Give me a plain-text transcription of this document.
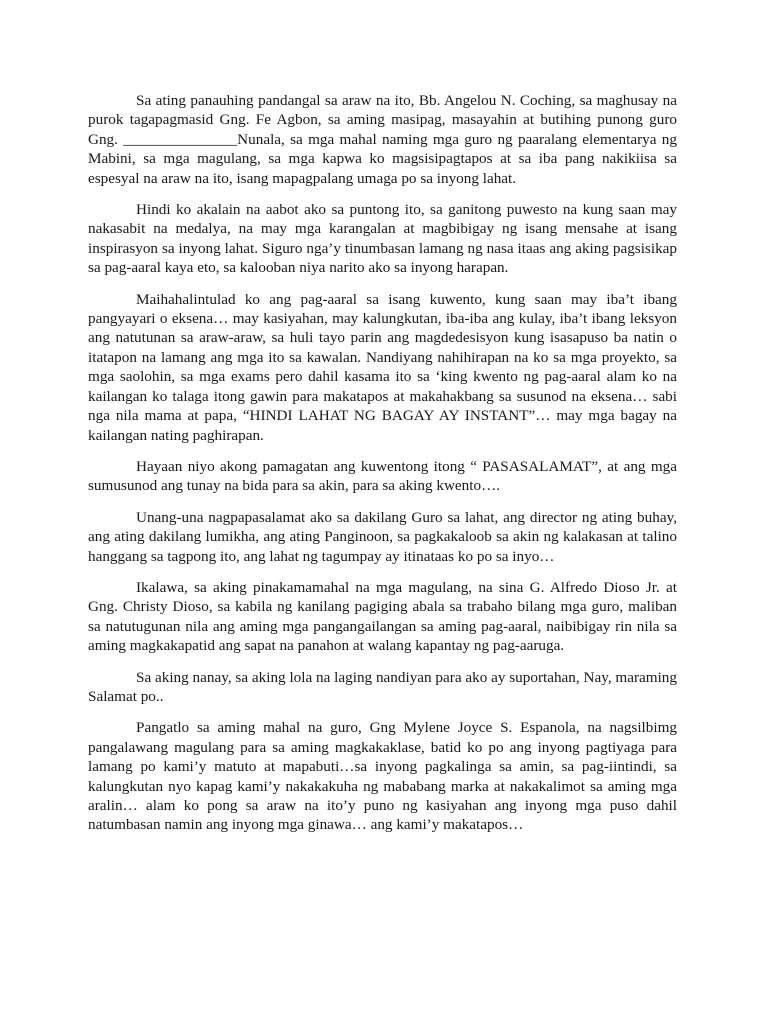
Sa ating panauhing pandangal sa araw na ito, Bb. Angelou N. Coching, sa maghusay na purok tagapagmasid Gng. Fe Agbon, sa aming masipag, masayahin at butihing punong guro Gng. _______________Nunala, sa mga mahal naming mga guro ng paaralang elementarya ng Mabini, sa mga magulang, sa mga kapwa ko magsisipagtapos at sa iba pang nakikiisa sa espesyal na araw na ito, isang mapagpalang umaga po sa inyong lahat.

Hindi ko akalain na aabot ako sa puntong ito, sa ganitong puwesto na kung saan may nakasabit na medalya, na may mga karangalan at magbibigay ng isang mensahe at isang inspirasyon sa inyong lahat. Siguro nga’y tinumbasan lamang ng nasa itaas ang aking pagsisikap sa pag-aaral kaya eto, sa kalooban niya narito ako sa inyong harapan.

Maihahalintulad ko ang pag-aaral sa isang kuwento, kung saan may iba’t ibang pangyayari o eksena… may kasiyahan, may kalungkutan, iba-iba ang kulay, iba’t ibang leksyon ang natutunan sa araw-araw, sa huli tayo parin ang magdedesisyon kung isasapuso ba natin o itatapon na lamang ang mga ito sa kawalan. Nandiyang nahihirapan na ko sa mga proyekto, sa mga saolohin, sa mga exams pero dahil kasama ito sa ‘king kwento ng pag-aaral alam ko na kailangan ko talaga itong gawin para makatapos at makahakbang sa susunod na eksena… sabi nga nila mama at papa, “HINDI LAHAT NG BAGAY AY INSTANT”… may mga bagay na kailangan nating paghirapan.

Hayaan niyo akong pamagatan ang kuwentong itong “ PASASALAMAT”, at ang mga sumusunod ang tunay na bida para sa akin, para sa aking kwento….

Unang-una nagpapasalamat ako sa dakilang Guro sa lahat, ang director ng ating buhay, ang ating dakilang lumikha, ang ating Panginoon, sa pagkakaloob sa akin ng kalakasan at talino hanggang sa tagpong ito, ang lahat ng tagumpay ay itinataas ko po sa inyo…

Ikalawa, sa aking pinakamamahal na mga magulang, na sina G. Alfredo Dioso Jr. at Gng. Christy Dioso, sa kabila ng kanilang pagiging abala sa trabaho bilang mga guro, maliban sa natutugunan nila ang aming mga pangangailangan sa aming pag-aaral, naibibigay rin nila sa aming magkakapatid ang sapat na panahon at walang kapantay ng pag-aaruga.

Sa aking nanay, sa aking lola na laging nandiyan para ako ay suportahan, Nay, maraming Salamat po..

Pangatlo sa aming mahal na guro, Gng Mylene Joyce S. Espanola, na nagsilbimg pangalawang magulang para sa aming magkakaklase, batid ko po ang inyong pagtiyaga para lamang po kami’y matuto at mapabuti…sa inyong pagkalinga sa amin, sa pag-iintindi, sa kalungkutan nyo kapag kami’y nakakakuha ng mababang marka at nakakalimot sa aming mga aralin… alam ko pong sa araw na ito’y puno ng kasiyahan ang inyong mga puso dahil natumbasan namin ang inyong mga ginawa… ang kami’y makatapos…
